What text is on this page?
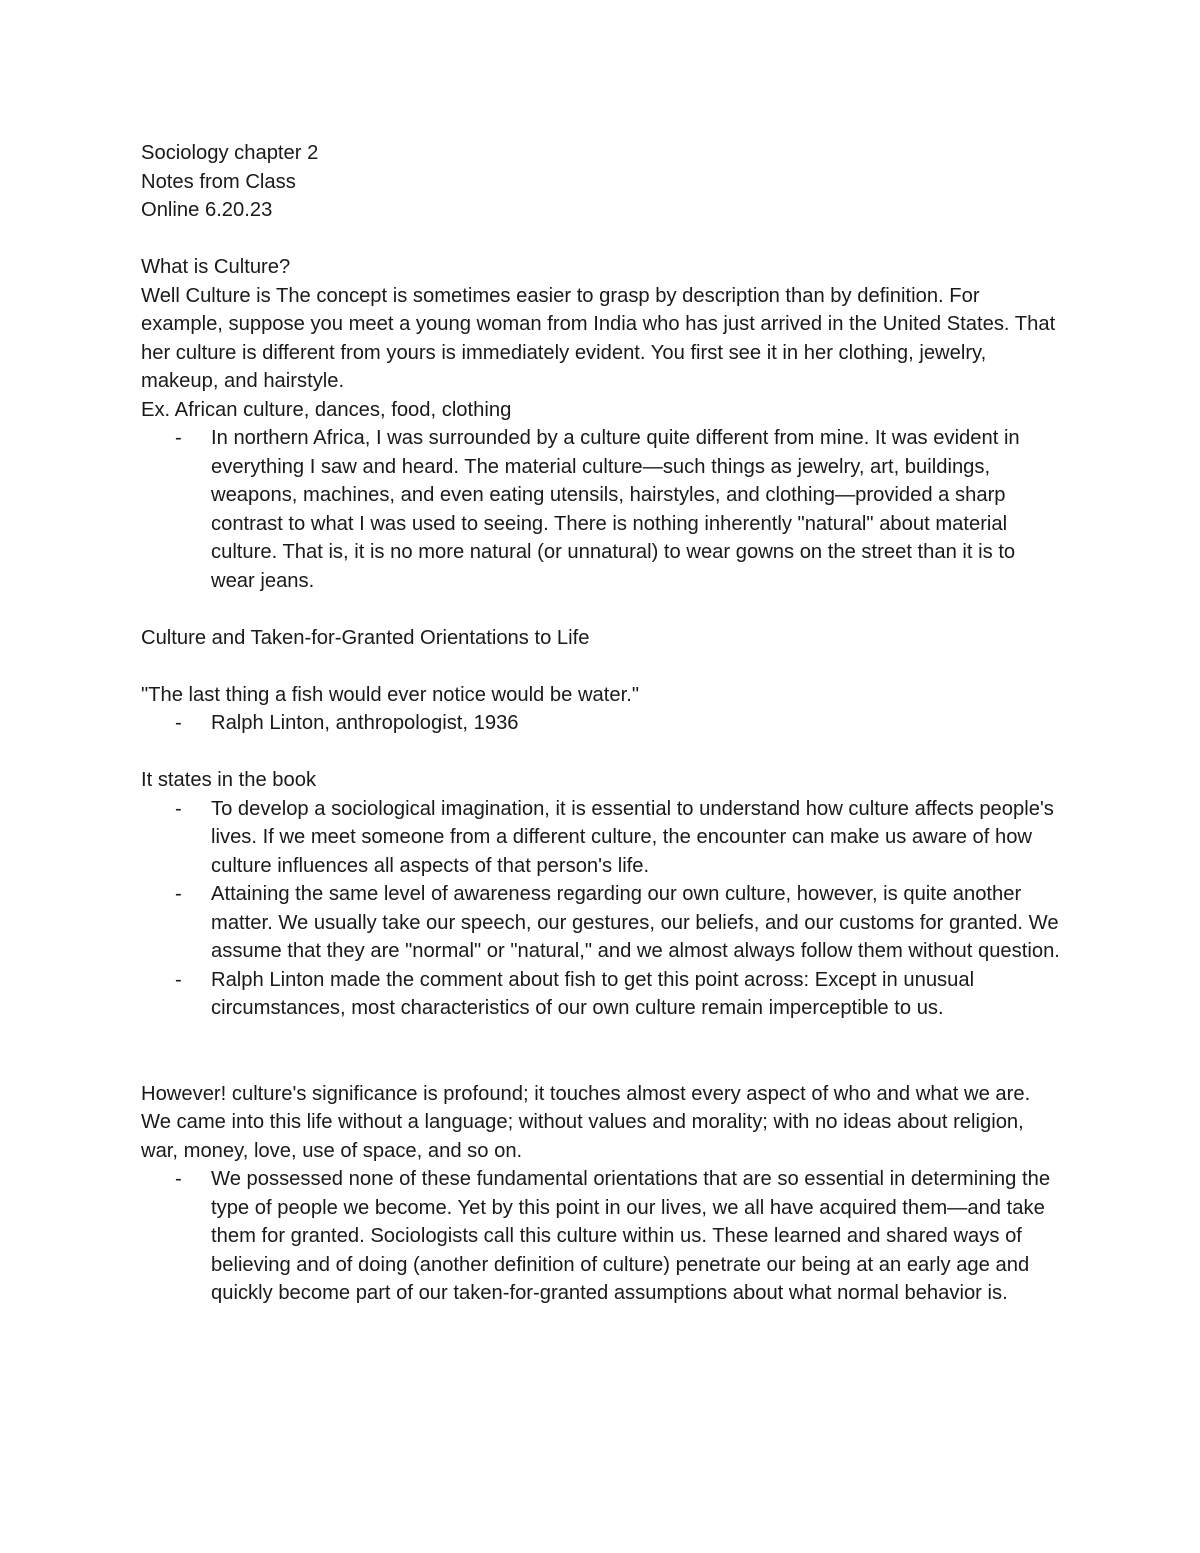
Sociology chapter 2
Notes from Class
Online 6.20.23
What is Culture?

Well Culture is The concept is sometimes easier to grasp by description than by definition. For example, suppose you meet a young woman from India who has just arrived in the United States. That her culture is different from yours is immediately evident. You first see it in her clothing, jewelry, makeup, and hairstyle.

Ex. African culture, dances, food, clothing
- In northern Africa, I was surrounded by a culture quite different from mine. It was evident in everything I saw and heard. The material culture—such things as jewelry, art, buildings, weapons, machines, and even eating utensils, hairstyles, and clothing—provided a sharp contrast to what I was used to seeing. There is nothing inherently "natural" about material culture. That is, it is no more natural (or unnatural) to wear gowns on the street than it is to wear jeans.
Culture and Taken-for-Granted Orientations to Life
"The last thing a fish would ever notice would be water."
- Ralph Linton, anthropologist, 1936
It states in the book
- To develop a sociological imagination, it is essential to understand how culture affects people's lives. If we meet someone from a different culture, the encounter can make us aware of how culture influences all aspects of that person's life.
- Attaining the same level of awareness regarding our own culture, however, is quite another matter. We usually take our speech, our gestures, our beliefs, and our customs for granted. We assume that they are "normal" or "natural," and we almost always follow them without question.
- Ralph Linton made the comment about fish to get this point across: Except in unusual circumstances, most characteristics of our own culture remain imperceptible to us.

However! culture's significance is profound; it touches almost every aspect of who and what we are. We came into this life without a language; without values and morality; with no ideas about religion, war, money, love, use of space, and so on.

- We possessed none of these fundamental orientations that are so essential in determining the type of people we become. Yet by this point in our lives, we all have acquired them—and take them for granted. Sociologists call this culture within us. These learned and shared ways of believing and of doing (another definition of culture) penetrate our being at an early age and quickly become part of our taken-for-granted assumptions about what normal behavior is.
